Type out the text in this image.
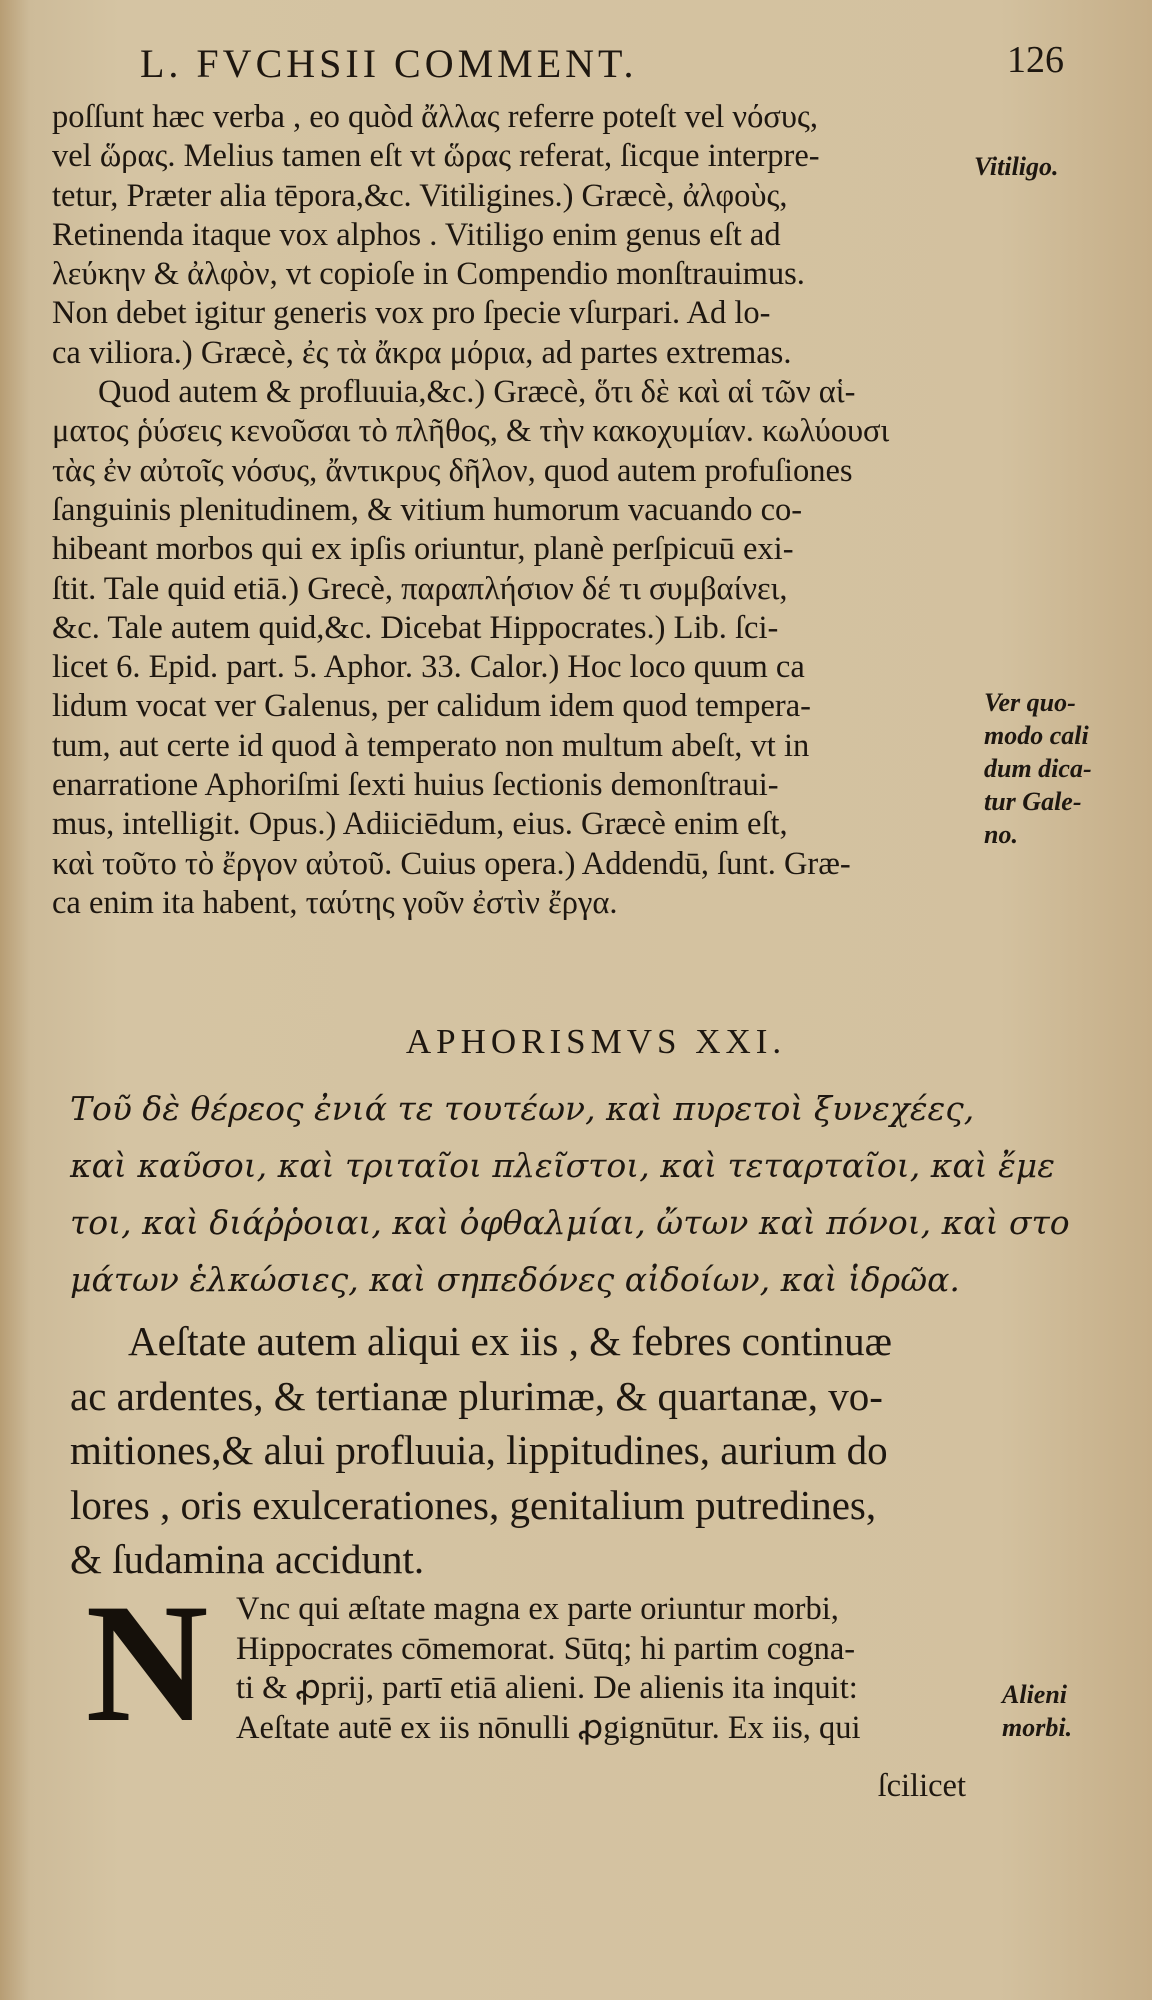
L. FVCHSII COMMENT.	126
poſſunt hæc verba , eo quòd ἄλλας referre poteſt vel νόσυς,
vel ὥρας. Melius tamen eſt vt ὥρας referat, ſicque interpre-
tetur, Præter alia tēpora,&c. Vitiligines.) Græcè, ἀλφοὺς,
Retinenda itaque vox alphos . Vitiligo enim genus eſt ad
λεύκην & ἀλφὸν, vt copioſe in Compendio monſtrauimus.
Non debet igitur generis vox pro ſpecie vſurpari. Ad lo-
ca viliora.) Græcè, ἐς τὰ ἄκρα μόρια, ad partes extremas.
Quod autem & profluuia,&c.) Græcè, ὅτι δὲ καὶ αἱ τῶν αἱ-
ματος ῥύσεις κενοῦσαι τὸ πλῆθος, & τὴν κακοχυμίαν. κωλύουσι
τὰς ἐν αὐτοῖς νόσυς, ἄντικρυς δῆλον, quod autem profuſiones
ſanguinis plenitudinem, & vitium humorum vacuando co-
hibeant morbos qui ex ipſis oriuntur, planè perſpicuū exi-
ſtit. Tale quid etiā.) Grecè, παραπλήσιον δέ τι συμβαίνει,
&c. Tale autem quid,&c. Dicebat Hippocrates.) Lib. ſci-
licet 6. Epid. part. 5. Aphor. 33. Calor.) Hoc loco quum ca
lidum vocat ver Galenus, per calidum idem quod tempera-
tum, aut certe id quod à temperato non multum abeſt, vt in
enarratione Aphoriſmi ſexti huius ſectionis demonſtraui-
mus, intelligit. Opus.) Adiiciēdum, eius. Græcè enim eſt,
καὶ τοῦτο τὸ ἔργον αὐτοῦ. Cuius opera.) Addendū, ſunt. Græ-
ca enim ita habent, ταύτης γοῦν ἐστὶν ἔργα.
Vitiligo.
Ver quo-
modo cali
dum dica-
tur Gale-
no.
APHORISMVS XXI.
Τοῦ δὲ θέρεος ἐνιά τε τουτέων, καὶ πυρετοὶ ξυνεχέες,
καὶ καῦσοι, καὶ τριταῖοι πλεῖστοι, καὶ τεταρταῖοι, καὶ ἔμε
τοι, καὶ διάῤῥοιαι, καὶ ὀφθαλμίαι, ὤτων καὶ πόνοι, καὶ στο
μάτων ἑλκώσιες, καὶ σηπεδόνες αἰδοίων, καὶ ἱδρῶα.
Aeſtate autem aliqui ex iis , & febres continuæ
ac ardentes, & tertianæ plurimæ, & quartanæ, vo-
mitiones,& alui profluuia, lippitudines, aurium do
lores , oris exulcerationes, genitalium putredines,
& ſudamina accidunt.
N Vnc qui æſtate magna ex parte oriuntur morbi,
Hippocrates cōmemorat. Sūtq; hi partim cogna-
ti & ꝓprij, partī etiā alieni. De alienis ita inquit:
Aeſtate autē ex iis nōnulli ꝓgignūtur. Ex iis, qui
Alieni
morbi.
ſcilicet
